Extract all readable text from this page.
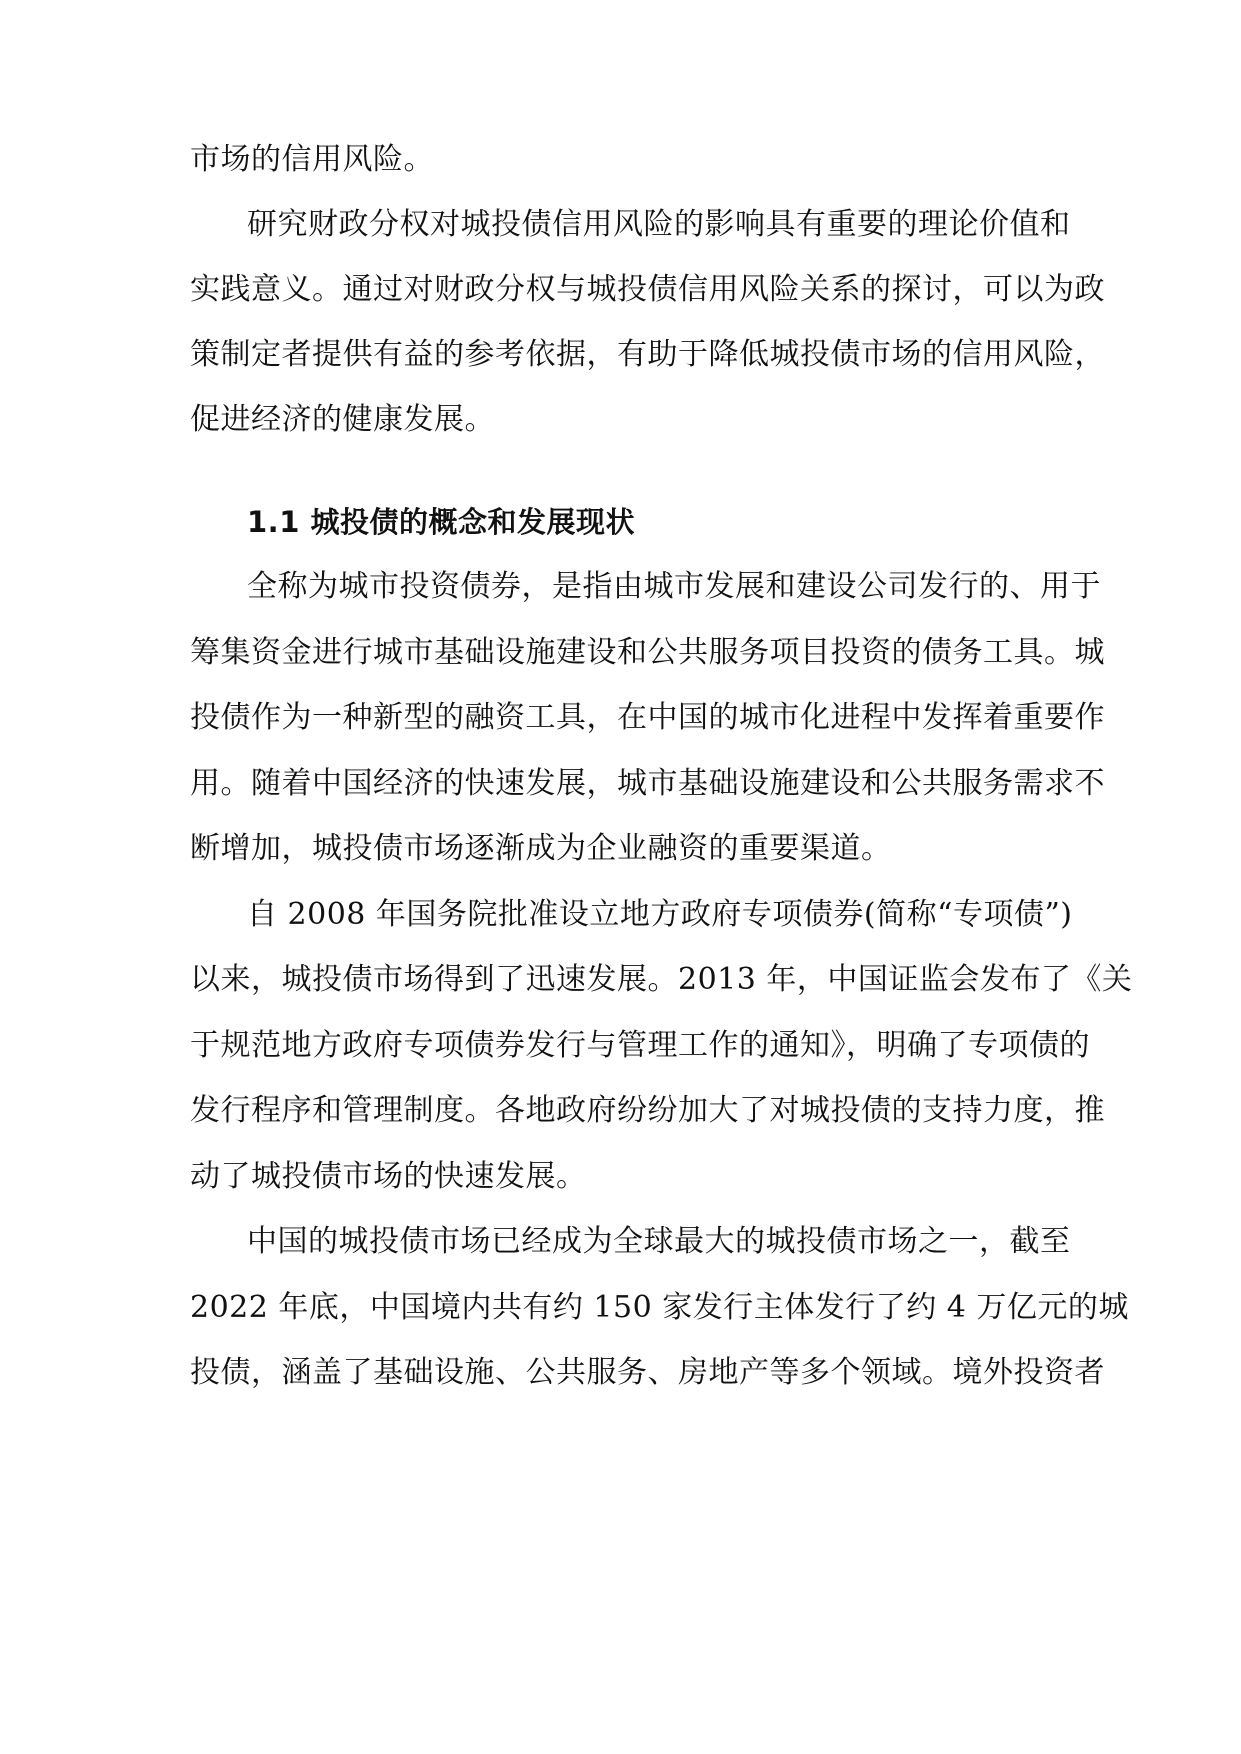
市场的信用风险。
研究财政分权对城投债信用风险的影响具有重要的理论价值和
实践意义。通过对财政分权与城投债信用风险关系的探讨，可以为政
策制定者提供有益的参考依据，有助于降低城投债市场的信用风险，
促进经济的健康发展。
1.1 城投债的概念和发展现状
全称为城市投资债券，是指由城市发展和建设公司发行的、用于
筹集资金进行城市基础设施建设和公共服务项目投资的债务工具。城
投债作为一种新型的融资工具，在中国的城市化进程中发挥着重要作
用。随着中国经济的快速发展，城市基础设施建设和公共服务需求不
断增加，城投债市场逐渐成为企业融资的重要渠道。
自 2008 年国务院批准设立地方政府专项债券(简称“专项债”)
以来，城投债市场得到了迅速发展。2013 年，中国证监会发布了《关
于规范地方政府专项债券发行与管理工作的通知》，明确了专项债的
发行程序和管理制度。各地政府纷纷加大了对城投债的支持力度，推
动了城投债市场的快速发展。
中国的城投债市场已经成为全球最大的城投债市场之一，截至
2022 年底，中国境内共有约 150 家发行主体发行了约 4 万亿元的城
投债，涵盖了基础设施、公共服务、房地产等多个领域。境外投资者
